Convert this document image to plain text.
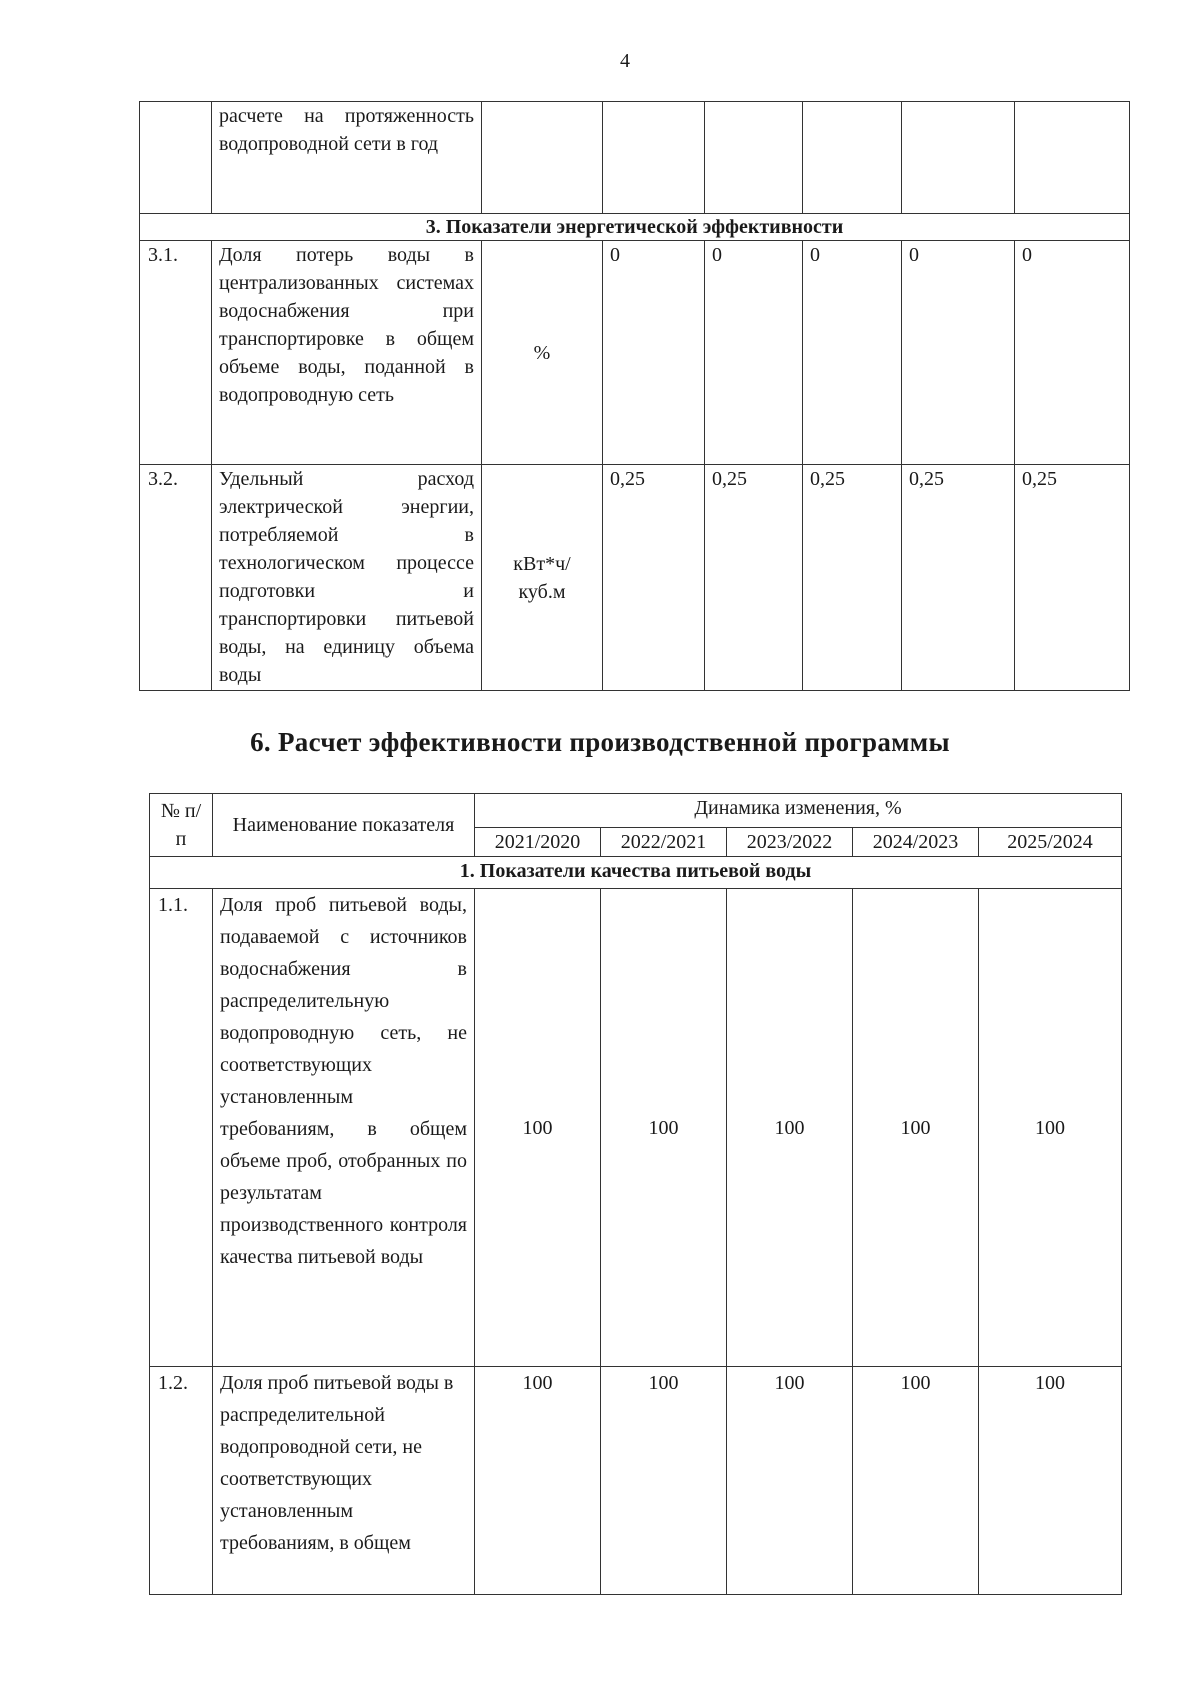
4
	расчете на протяженность водопроводной сети в год						
3. Показатели энергетической эффективности							
3.1.	Доля потерь воды в централизованных системах водоснабжения при транспортировке в общем объеме воды, поданной в водопроводную сеть	%	0	0	0	0	0
3.2.	Удельный расход электрической энергии, потребляемой в технологическом процессе подготовки и транспортировки питьевой воды, на единицу объема воды	кВт*ч/ куб.м	0,25	0,25	0,25	0,25	0,25
6. Расчет эффективности производственной программы
№ п/п	Наименование показателя	Динамика изменения, %				
		2021/2020	2022/2021	2023/2022	2024/2023	2025/2024
1. Показатели качества питьевой воды						
1.1.	Доля проб питьевой воды, подаваемой с источников водоснабжения в распределительную водопроводную сеть, не соответствующих установленным требованиям, в общем объеме проб, отобранных по результатам производственного контроля качества питьевой воды	100	100	100	100	100
1.2.	Доля проб питьевой воды в распределительной водопроводной сети, не соответствующих установленным требованиям, в общем	100	100	100	100	100
